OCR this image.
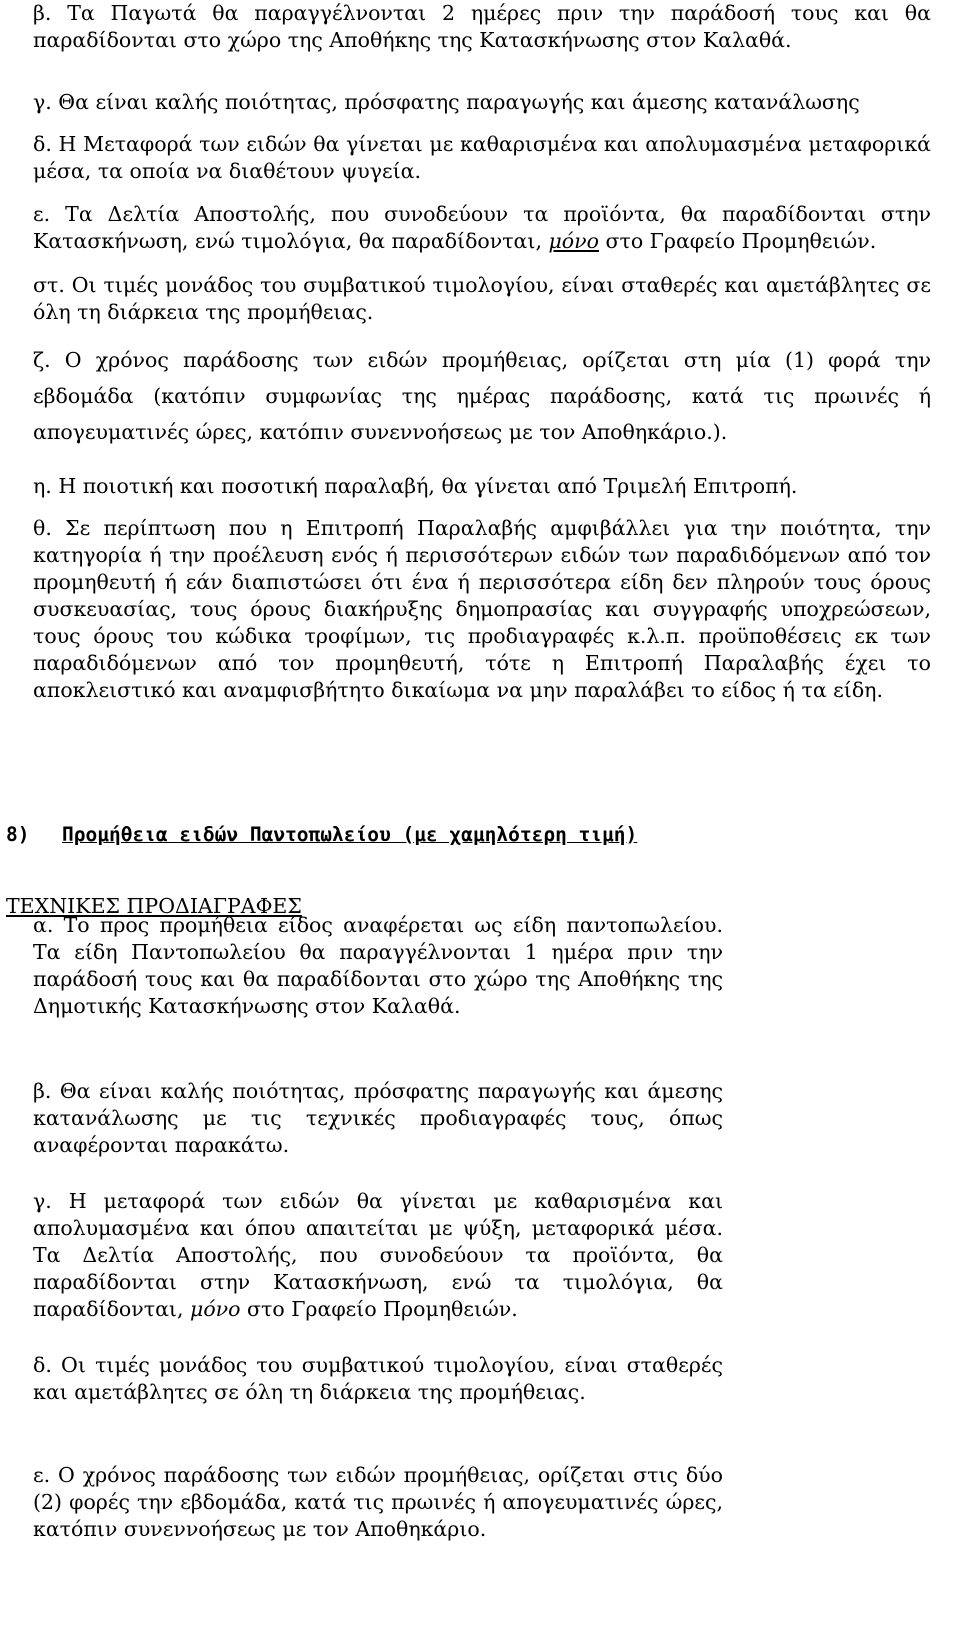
β. Τα Παγωτά θα παραγγέλνονται 2 ημέρες πριν την παράδοσή τους και θα παραδίδονται στο χώρο της Αποθήκης της Κατασκήνωσης στον Καλαθά.

γ. Θα είναι καλής ποιότητας, πρόσφατης παραγωγής και άμεσης κατανάλωσης

δ. Η Μεταφορά των ειδών θα γίνεται με καθαρισμένα και απολυμασμένα μεταφορικά μέσα, τα οποία να διαθέτουν ψυγεία.

ε. Τα Δελτία Αποστολής, που συνοδεύουν τα προϊόντα, θα παραδίδονται στην Κατασκήνωση, ενώ τιμολόγια, θα παραδίδονται, μόνο στο Γραφείο Προμηθειών.

στ. Οι τιμές μονάδος του συμβατικού τιμολογίου, είναι σταθερές και αμετάβλητες σε όλη τη διάρκεια της προμήθειας.

ζ. Ο χρόνος παράδοσης των ειδών προμήθειας, ορίζεται στη μία (1) φορά την εβδομάδα (κατόπιν συμφωνίας της ημέρας παράδοσης, κατά τις πρωινές ή απογευματινές ώρες, κατόπιν συνεννοήσεως με τον Αποθηκάριο.).

η. Η ποιοτική και ποσοτική παραλαβή, θα γίνεται από Τριμελή Επιτροπή.

θ. Σε περίπτωση που η Επιτροπή Παραλαβής αμφιβάλλει για την ποιότητα, την κατηγορία ή την προέλευση ενός ή περισσότερων ειδών των παραδιδόμενων από τον προμηθευτή ή εάν διαπιστώσει ότι ένα ή περισσότερα είδη δεν πληρούν τους όρους συσκευασίας, τους όρους διακήρυξης δημοπρασίας και συγγραφής υποχρεώσεων, τους όρους του κώδικα τροφίμων, τις προδιαγραφές κ.λ.π. προϋποθέσεις εκ των παραδιδόμενων από τον προμηθευτή, τότε η Επιτροπή Παραλαβής έχει το αποκλειστικό και αναμφισβήτητο δικαίωμα να μην παραλάβει το είδος ή τα είδη.

8) Προμήθεια ειδών Παντοπωλείου (με χαμηλότερη τιμή)

ΤΕΧΝΙΚΕΣ ΠΡΟΔΙΑΓΡΑΦΕΣ

α. Το προς προμήθεια είδος αναφέρεται ως είδη παντοπωλείου. Τα είδη Παντοπωλείου θα παραγγέλνονται 1 ημέρα πριν την παράδοσή τους και θα παραδίδονται στο χώρο της Αποθήκης της Δημοτικής Κατασκήνωσης στον Καλαθά.

β. Θα είναι καλής ποιότητας, πρόσφατης παραγωγής και άμεσης κατανάλωσης με τις τεχνικές προδιαγραφές τους, όπως αναφέρονται παρακάτω.

γ. Η μεταφορά των ειδών θα γίνεται με καθαρισμένα και απολυμασμένα και όπου απαιτείται με ψύξη, μεταφορικά μέσα. Τα Δελτία Αποστολής, που συνοδεύουν τα προϊόντα, θα παραδίδονται στην Κατασκήνωση, ενώ τα τιμολόγια, θα παραδίδονται, μόνο στο Γραφείο Προμηθειών.

δ. Οι τιμές μονάδος του συμβατικού τιμολογίου, είναι σταθερές και αμετάβλητες σε όλη τη διάρκεια της προμήθειας.

ε. Ο χρόνος παράδοσης των ειδών προμήθειας, ορίζεται στις δύο (2) φορές την εβδομάδα, κατά τις πρωινές ή απογευματινές ώρες, κατόπιν συνεννοήσεως με τον Αποθηκάριο.
